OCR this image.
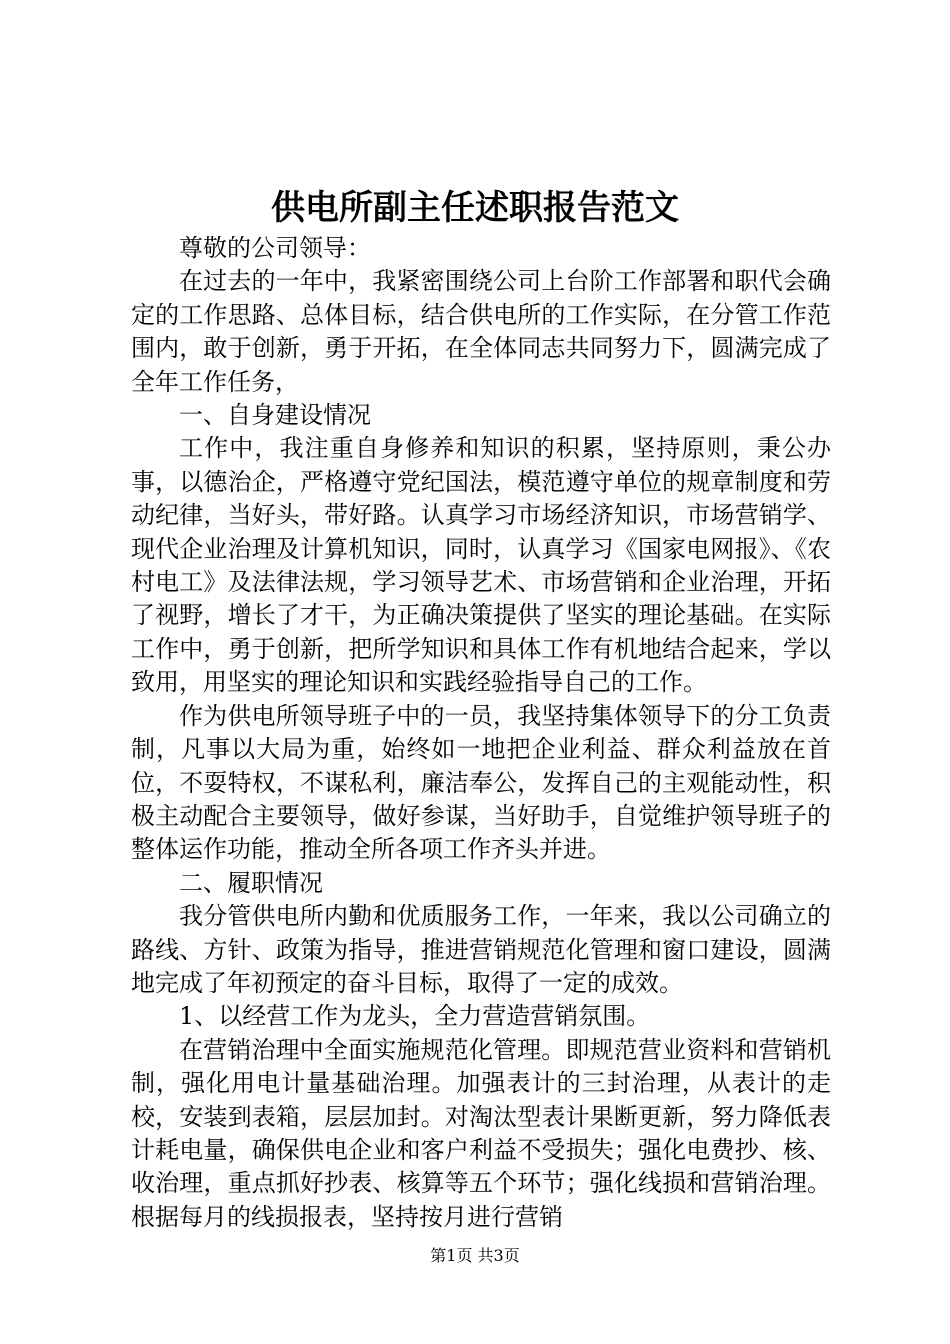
供电所副主任述职报告范文

尊敬的公司领导：

在过去的一年中，我紧密围绕公司上台阶工作部署和职代会确定的工作思路、总体目标，结合供电所的工作实际，在分管工作范围内，敢于创新，勇于开拓，在全体同志共同努力下，圆满完成了全年工作任务，

一、自身建设情况

工作中，我注重自身修养和知识的积累，坚持原则，秉公办事，以德治企，严格遵守党纪国法，模范遵守单位的规章制度和劳动纪律，当好头，带好路。认真学习市场经济知识，市场营销学、现代企业治理及计算机知识，同时，认真学习《国家电网报》、《农村电工》及法律法规，学习领导艺术、市场营销和企业治理，开拓了视野，增长了才干，为正确决策提供了坚实的理论基础。在实际工作中，勇于创新，把所学知识和具体工作有机地结合起来，学以致用，用坚实的理论知识和实践经验指导自己的工作。

作为供电所领导班子中的一员，我坚持集体领导下的分工负责制，凡事以大局为重，始终如一地把企业利益、群众利益放在首位，不耍特权，不谋私利，廉洁奉公，发挥自己的主观能动性，积极主动配合主要领导，做好参谋，当好助手，自觉维护领导班子的整体运作功能，推动全所各项工作齐头并进。

二、履职情况

我分管供电所内勤和优质服务工作，一年来，我以公司确立的路线、方针、政策为指导，推进营销规范化管理和窗口建设，圆满地完成了年初预定的奋斗目标，取得了一定的成效。

1、以经营工作为龙头，全力营造营销氛围。

在营销治理中全面实施规范化管理。即规范营业资料和营销机制，强化用电计量基础治理。加强表计的三封治理，从表计的走校，安装到表箱，层层加封。对淘汰型表计果断更新，努力降低表计耗电量，确保供电企业和客户利益不受损失；强化电费抄、核、收治理，重点抓好抄表、核算等五个环节；强化线损和营销治理。根据每月的线损报表，坚持按月进行营销

第1页 共3页
